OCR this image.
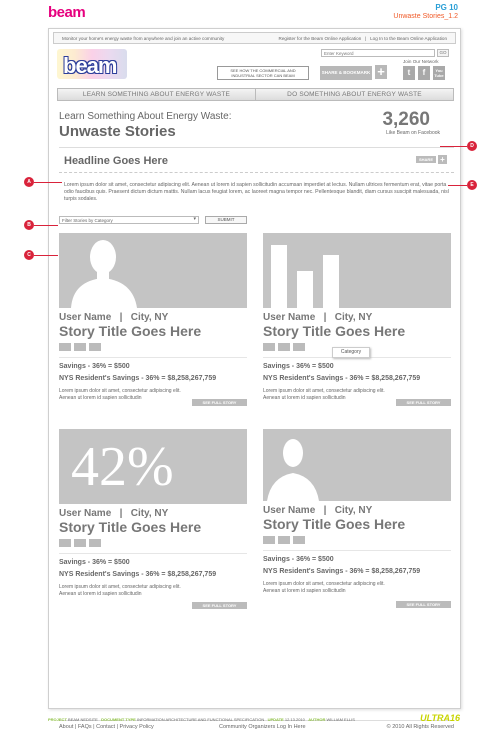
beam	PG 10
Unwaste Stories_1.2
Monitor your home's energy waste from anywhere and join an active community	Register for the Beam Online Application   |   Log In to the Beam Online Application
beam	Enter Keyword	GO
SEE HOW THE COMMERCIAL AND INDUSTRIAL SECTOR CAN BEAM
SHARE & BOOKMARK +
Join Our Network
t	f	You Tube
LEARN SOMETHING ABOUT ENERGY WASTE	DO SOMETHING ABOUT ENERGY WASTE
Learn Something About Energy Waste:
Unwaste Stories
3,260
Like Beam on Facebook
Headline Goes Here	SHARE +
Lorem ipsum dolor sit amet, consectetur adipiscing elit. Aenean ut lorem id sapien sollicitudin accumsan imperdiet at lectus. Nullam ultrices fermentum erat, vitae porta odio faucibus quis. Praesent dictum dictum mattis. Nullam lacus feugiat lorem, ac laoreet magna tempor nec. Pellentesque blandit, diam cursus suscipit malesuada, nisl turpis sodales.
Filter Stories by Category	▾	SUBMIT
User Name   |   City, NY
Story Title Goes Here
Savings - 36% = $500
NYS Resident's Savings - 36% = $8,258,267,759
Lorem ipsum dolor sit amet, consectetur adipiscing elit. Aenean ut lorem id sapien sollicitudin
SEE FULL STORY
User Name   |   City, NY
Story Title Goes Here
Savings - 36% = $500
NYS Resident's Savings - 36% = $8,258,267,759
Lorem ipsum dolor sit amet, consectetur adipiscing elit. Aenean ut lorem id sapien sollicitudin
SEE FULL STORY
Category
42%
User Name   |   City, NY
Story Title Goes Here
Savings - 36% = $500
NYS Resident's Savings - 36% = $8,258,267,759
Lorem ipsum dolor sit amet, consectetur adipiscing elit. Aenean ut lorem id sapien sollicitudin
SEE FULL STORY
User Name   |   City, NY
Story Title Goes Here
Savings - 36% = $500
NYS Resident's Savings - 36% = $8,258,267,759
Lorem ipsum dolor sit amet, consectetur adipiscing elit. Aenean ut lorem id sapien sollicitudin
SEE FULL STORY
About | FAQs | Contact | Privacy Policy	Community Organizers Log In Here	© 2010 All Rights Reserved
A
B
C
D
E
PROJECT BEAM NEDSITE DOCUMENT TYPE INFORMATION ARCHITECTURE AND FUNCTIONAL SPECIFICATION UPDATE 12.13.2010 AUTHOR WILLIAM ELLIS	ULTRA16
